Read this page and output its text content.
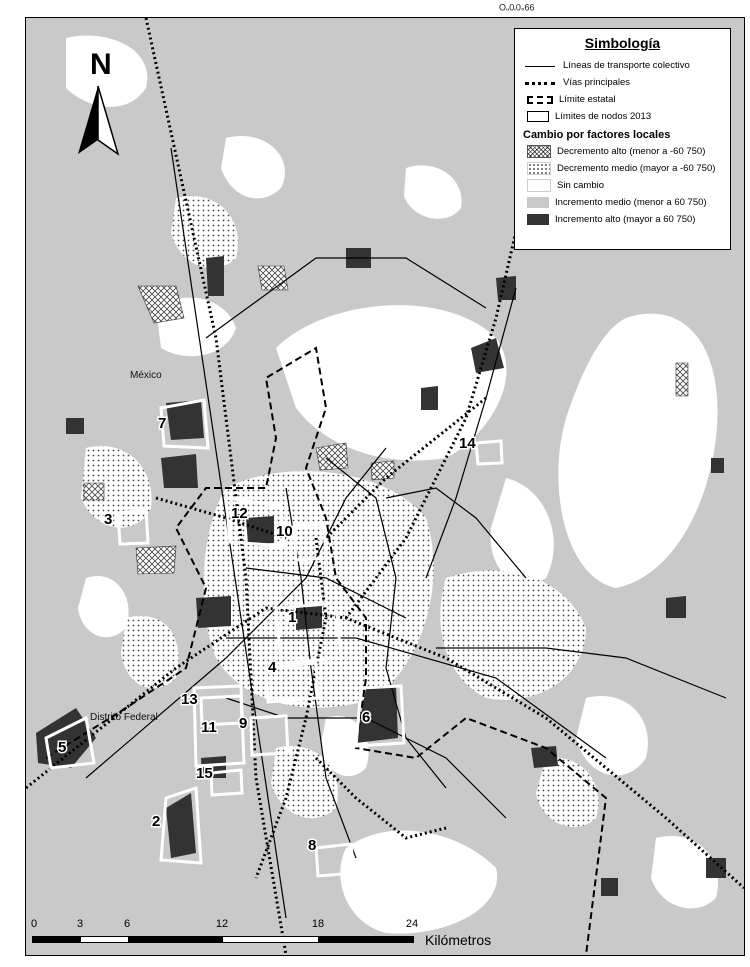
1
2
3
4
5
6
7
8
9
10
11
12
13
14
15
México
Distrito Federal
N
Simbología
Líneas de transporte colectivo
Vías principales
Límite estatal
Límites de nodos 2013
Cambio por factores locales
Decremento alto (menor a -60 750)
Decremento medio (mayor a -60 750)
Sin cambio
Incremento medio (menor a 60 750)
Incremento alto (mayor a 60 750)
0	3	6	12	18	24
Kilómetros
99°0'0"O
